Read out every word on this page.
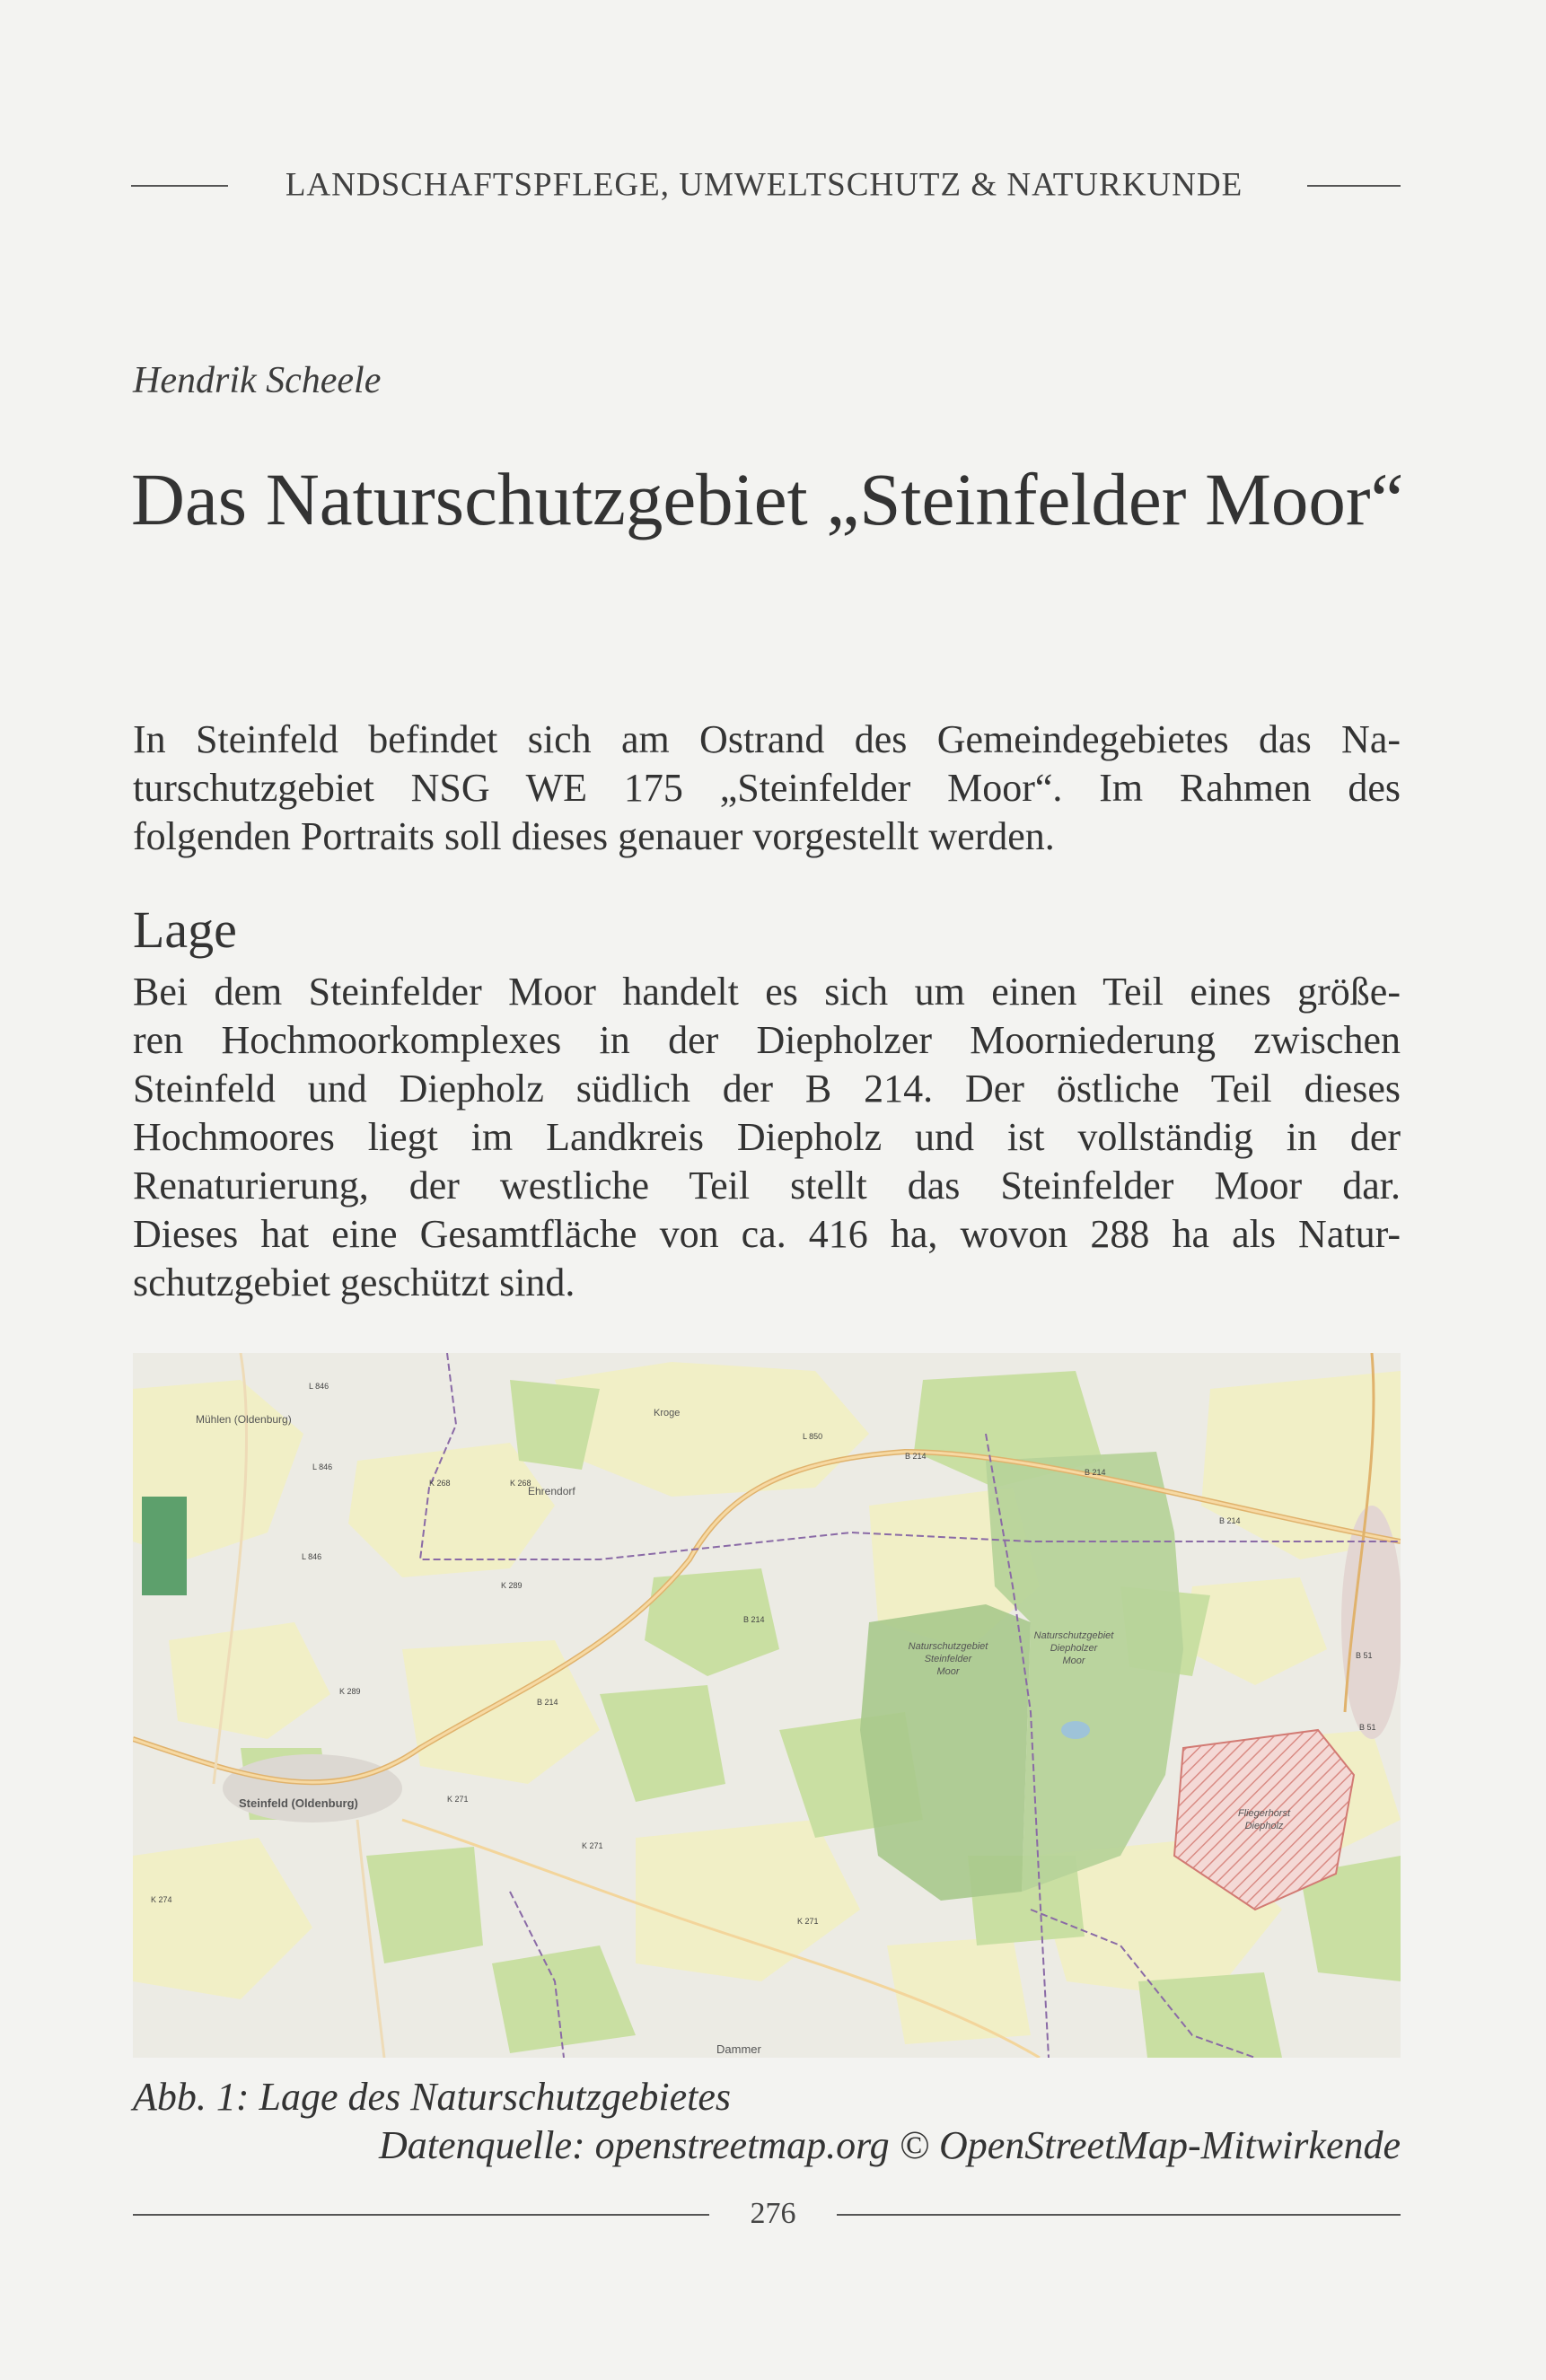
LANDSCHAFTSPFLEGE, UMWELTSCHUTZ & NATURKUNDE
Hendrik Scheele
Das Naturschutzgebiet „Steinfelder Moor“
In Steinfeld befindet sich am Ostrand des Gemeindegebietes das Na-
turschutzgebiet NSG WE 175 „Steinfelder Moor“. Im Rahmen des
folgenden Portraits soll dieses genauer vorgestellt werden.
Lage
Bei dem Steinfelder Moor handelt es sich um einen Teil eines größe-
ren Hochmoorkomplexes in der Diepholzer Moorniederung zwischen
Steinfeld und Diepholz südlich der B 214. Der östliche Teil dieses
Hochmoores liegt im Landkreis Diepholz und ist vollständig in der
Renaturierung, der westliche Teil stellt das Steinfelder Moor dar.
Dieses hat eine Gesamtfläche von ca. 416 ha, wovon 288 ha als Natur-
schutzgebiet geschützt sind.
Mühlen (Oldenburg)
Steinfeld (Oldenburg)
Ehrendorf
Kroge
Dammer
Naturschutzgebiet
Steinfelder
Moor
Naturschutzgebiet
Diepholzer
Moor
Fliegerhorst
Diepholz
B 214
B 214
B 214
B 214
B 214
K 268	K 268
K 289
K 271
K 271
K 271
L 846
L 846
L 846
L 850
B 51
B 51
K 274
K 289
Abb. 1: Lage des Naturschutzgebietes
Datenquelle: openstreetmap.org © OpenStreetMap-Mitwirkende
276
